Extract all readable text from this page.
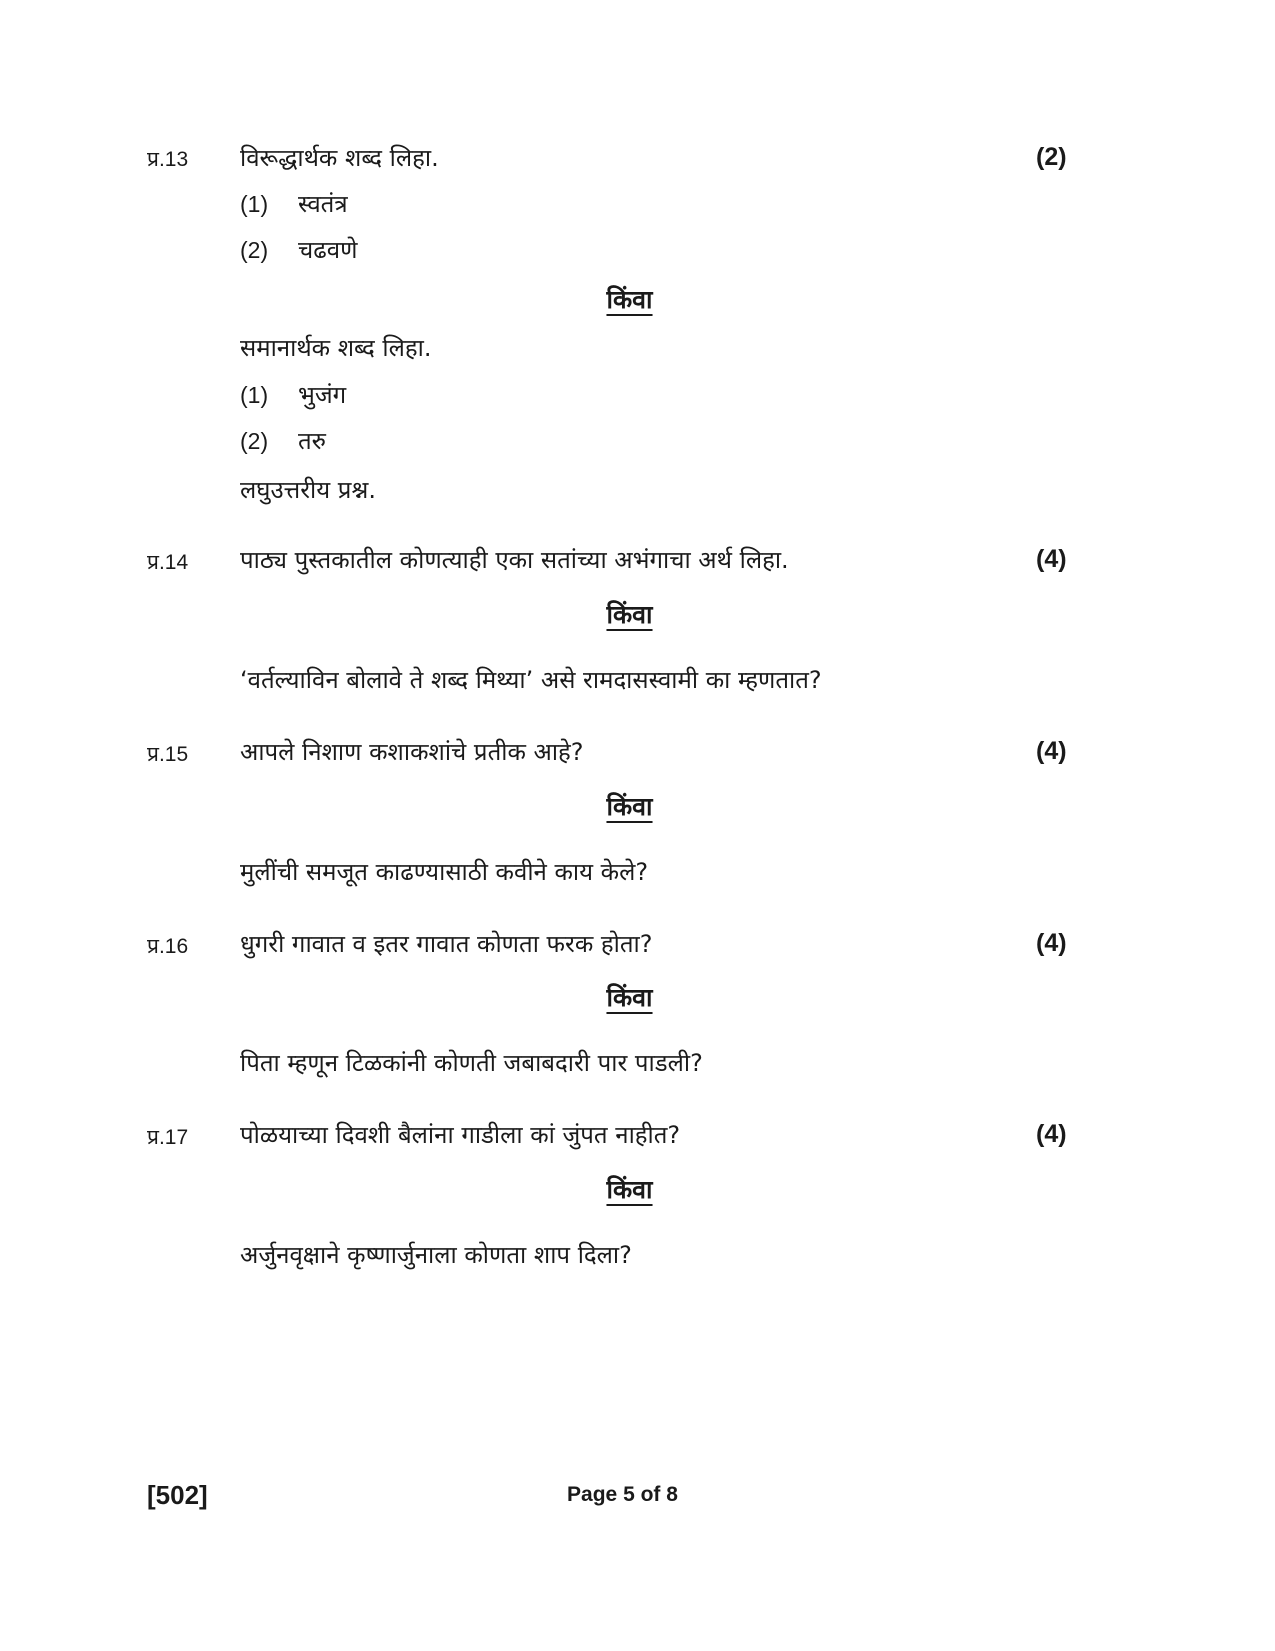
प्र.13 विरूद्धार्थक शब्द लिहा.	(2)
(1) स्वतंत्र
(2) चढवणे
किंवा
समानार्थक शब्द लिहा.
(1) भुजंग
(2) तरु
लघुउत्तरीय प्रश्न.
प्र.14 पाठ्य पुस्तकातील कोणत्याही एका सतांच्या अभंगाचा अर्थ लिहा.	(4)
किंवा
‘वर्तल्याविन बोलावे ते शब्द मिथ्या’ असे रामदासस्वामी का म्हणतात?
प्र.15 आपले निशाण कशाकशांचे प्रतीक आहे?	(4)
किंवा
मुलींची समजूत काढण्यासाठी कवीने काय केले?
प्र.16 धुगरी गावात व इतर गावात कोणता फरक होता?	(4)
किंवा
पिता म्हणून टिळकांनी कोणती जबाबदारी पार पाडली?
प्र.17 पोळयाच्या दिवशी बैलांना गाडीला कां जुंपत नाहीत?	(4)
किंवा
अर्जुनवृक्षाने कृष्णार्जुनाला कोणता शाप दिला?
[502]	Page 5 of 8
